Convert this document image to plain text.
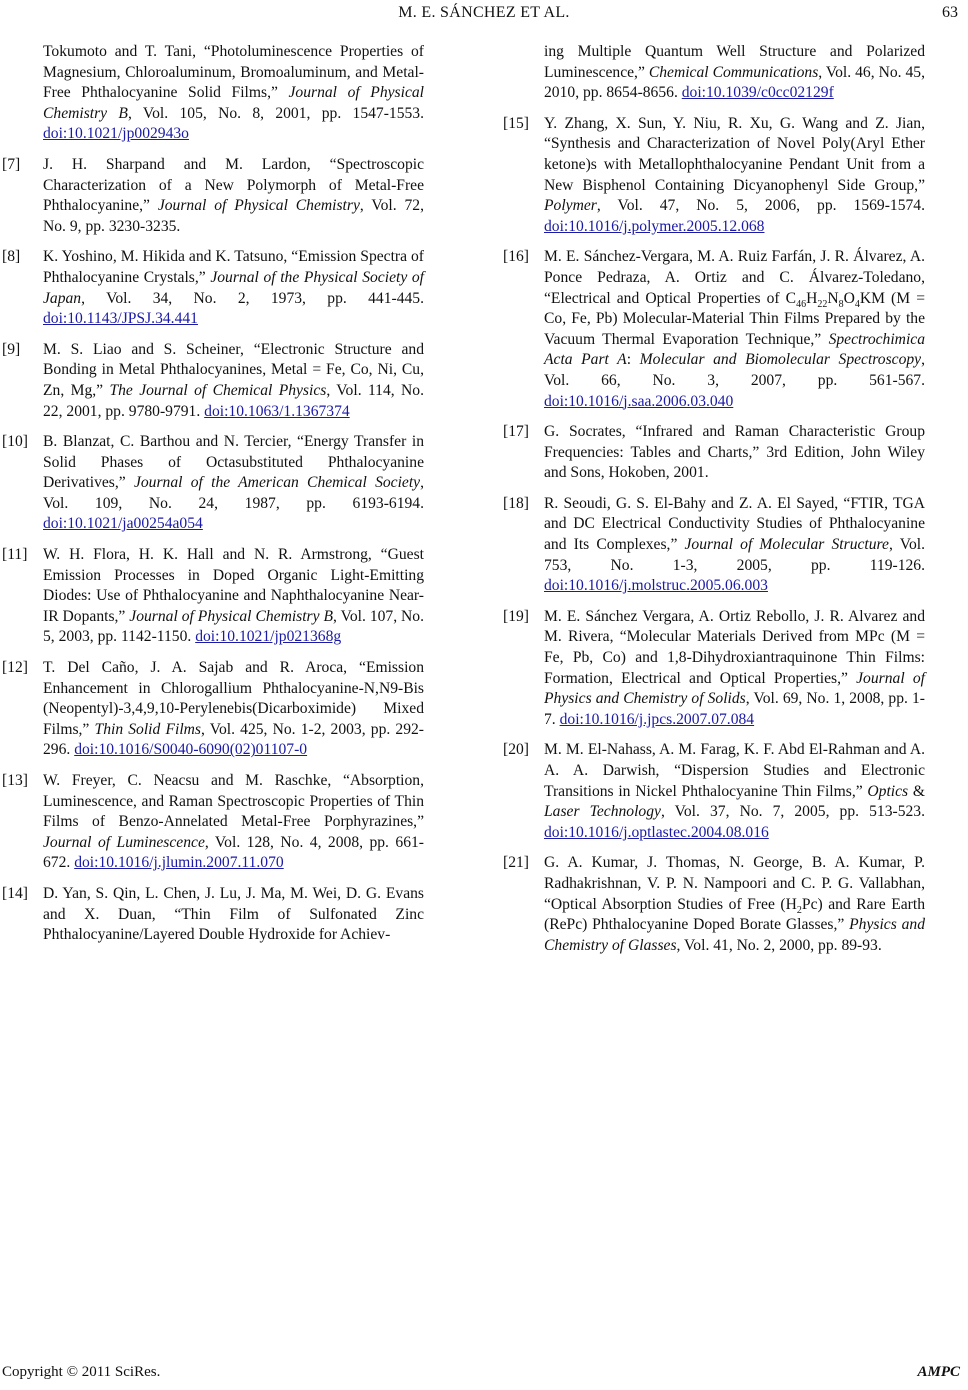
M. E. SÁNCHEZ ET AL.	63
Tokumoto and T. Tani, “Photoluminescence Properties of Magnesium, Chloroaluminum, Bromoaluminum, and Metal-Free Phthalocyanine Solid Films,” Journal of Physical Chemistry B, Vol. 105, No. 8, 2001, pp. 1547-1553. doi:10.1021/jp002943o
[7]	J. H. Sharpand and M. Lardon, “Spectroscopic Characterization of a New Polymorph of Metal-Free Phthalocyanine,” Journal of Physical Chemistry, Vol. 72, No. 9, pp. 3230-3235.
[8]	K. Yoshino, M. Hikida and K. Tatsuno, “Emission Spectra of Phthalocyanine Crystals,” Journal of the Physical Society of Japan, Vol. 34, No. 2, 1973, pp. 441-445. doi:10.1143/JPSJ.34.441
[9]	M. S. Liao and S. Scheiner, “Electronic Structure and Bonding in Metal Phthalocyanines, Metal = Fe, Co, Ni, Cu, Zn, Mg,” The Journal of Chemical Physics, Vol. 114, No. 22, 2001, pp. 9780-9791. doi:10.1063/1.1367374
[10] B. Blanzat, C. Barthou and N. Tercier, “Energy Transfer in Solid Phases of Octasubstituted Phthalocyanine Derivatives,” Journal of the American Chemical Society, Vol. 109, No. 24, 1987, pp. 6193-6194. doi:10.1021/ja00254a054
[11] W. H. Flora, H. K. Hall and N. R. Armstrong, “Guest Emission Processes in Doped Organic Light-Emitting Diodes: Use of Phthalocyanine and Naphthalocyanine Near-IR Dopants,” Journal of Physical Chemistry B, Vol. 107, No. 5, 2003, pp. 1142-1150. doi:10.1021/jp021368g
[12] T. Del Caño, J. A. Sajab and R. Aroca, “Emission Enhancement in Chlorogallium Phthalocyanine-N,N9-Bis (Neopentyl)-3,4,9,10-Perylenebis(Dicarboximide) Mixed Films,” Thin Solid Films, Vol. 425, No. 1-2, 2003, pp. 292-296. doi:10.1016/S0040-6090(02)01107-0
[13] W. Freyer, C. Neacsu and M. Raschke, “Absorption, Luminescence, and Raman Spectroscopic Properties of Thin Films of Benzo-Annelated Metal-Free Porphyrazines,” Journal of Luminescence, Vol. 128, No. 4, 2008, pp. 661-672. doi:10.1016/j.jlumin.2007.11.070
[14] D. Yan, S. Qin, L. Chen, J. Lu, J. Ma, M. Wei, D. G. Evans and X. Duan, “Thin Film of Sulfonated Zinc Phthalocyanine/Layered Double Hydroxide for Achiev-
ing Multiple Quantum Well Structure and Polarized Luminescence,” Chemical Communications, Vol. 46, No. 45, 2010, pp. 8654-8656. doi:10.1039/c0cc02129f
[15] Y. Zhang, X. Sun, Y. Niu, R. Xu, G. Wang and Z. Jian, “Synthesis and Characterization of Novel Poly(Aryl Ether ketone)s with Metallophthalocyanine Pendant Unit from a New Bisphenol Containing Dicyanophenyl Side Group,” Polymer, Vol. 47, No. 5, 2006, pp. 1569-1574. doi:10.1016/j.polymer.2005.12.068
[16] M. E. Sánchez-Vergara, M. A. Ruiz Farfán, J. R. Álvarez, A. Ponce Pedraza, A. Ortiz and C. Álvarez-Toledano, “Electrical and Optical Properties of $C_{46}H_{22}N_8O_4KM$ (M = Co, Fe, Pb) Molecular-Material Thin Films Prepared by the Vacuum Thermal Evaporation Technique,” Spectrochimica Acta Part A: Molecular and Biomolecular Spectroscopy, Vol. 66, No. 3, 2007, pp. 561-567. doi:10.1016/j.saa.2006.03.040
[17] G. Socrates, “Infrared and Raman Characteristic Group Frequencies: Tables and Charts,” 3rd Edition, John Wiley and Sons, Hokoben, 2001.
[18] R. Seoudi, G. S. El-Bahy and Z. A. El Sayed, “FTIR, TGA and DC Electrical Conductivity Studies of Phthalocyanine and Its Complexes,” Journal of Molecular Structure, Vol. 753, No. 1-3, 2005, pp. 119-126. doi:10.1016/j.molstruc.2005.06.003
[19] M. E. Sánchez Vergara, A. Ortiz Rebollo, J. R. Alvarez and M. Rivera, “Molecular Materials Derived from MPc (M = Fe, Pb, Co) and 1,8-Dihydroxiantraquinone Thin Films: Formation, Electrical and Optical Properties,” Journal of Physics and Chemistry of Solids, Vol. 69, No. 1, 2008, pp. 1-7. doi:10.1016/j.jpcs.2007.07.084
[20] M. M. El-Nahass, A. M. Farag, K. F. Abd El-Rahman and A. A. A. Darwish, “Dispersion Studies and Electronic Transitions in Nickel Phthalocyanine Thin Films,” Optics & Laser Technology, Vol. 37, No. 7, 2005, pp. 513-523. doi:10.1016/j.optlastec.2004.08.016
[21] G. A. Kumar, J. Thomas, N. George, B. A. Kumar, P. Radhakrishnan, V. P. N. Nampoori and C. P. G. Vallabhan, “Optical Absorption Studies of Free $(H_2Pc)$ and Rare Earth (RePc) Phthalocyanine Doped Borate Glasses,” Physics and Chemistry of Glasses, Vol. 41, No. 2, 2000, pp. 89-93.
Copyright © 2011 SciRes.	AMPC
